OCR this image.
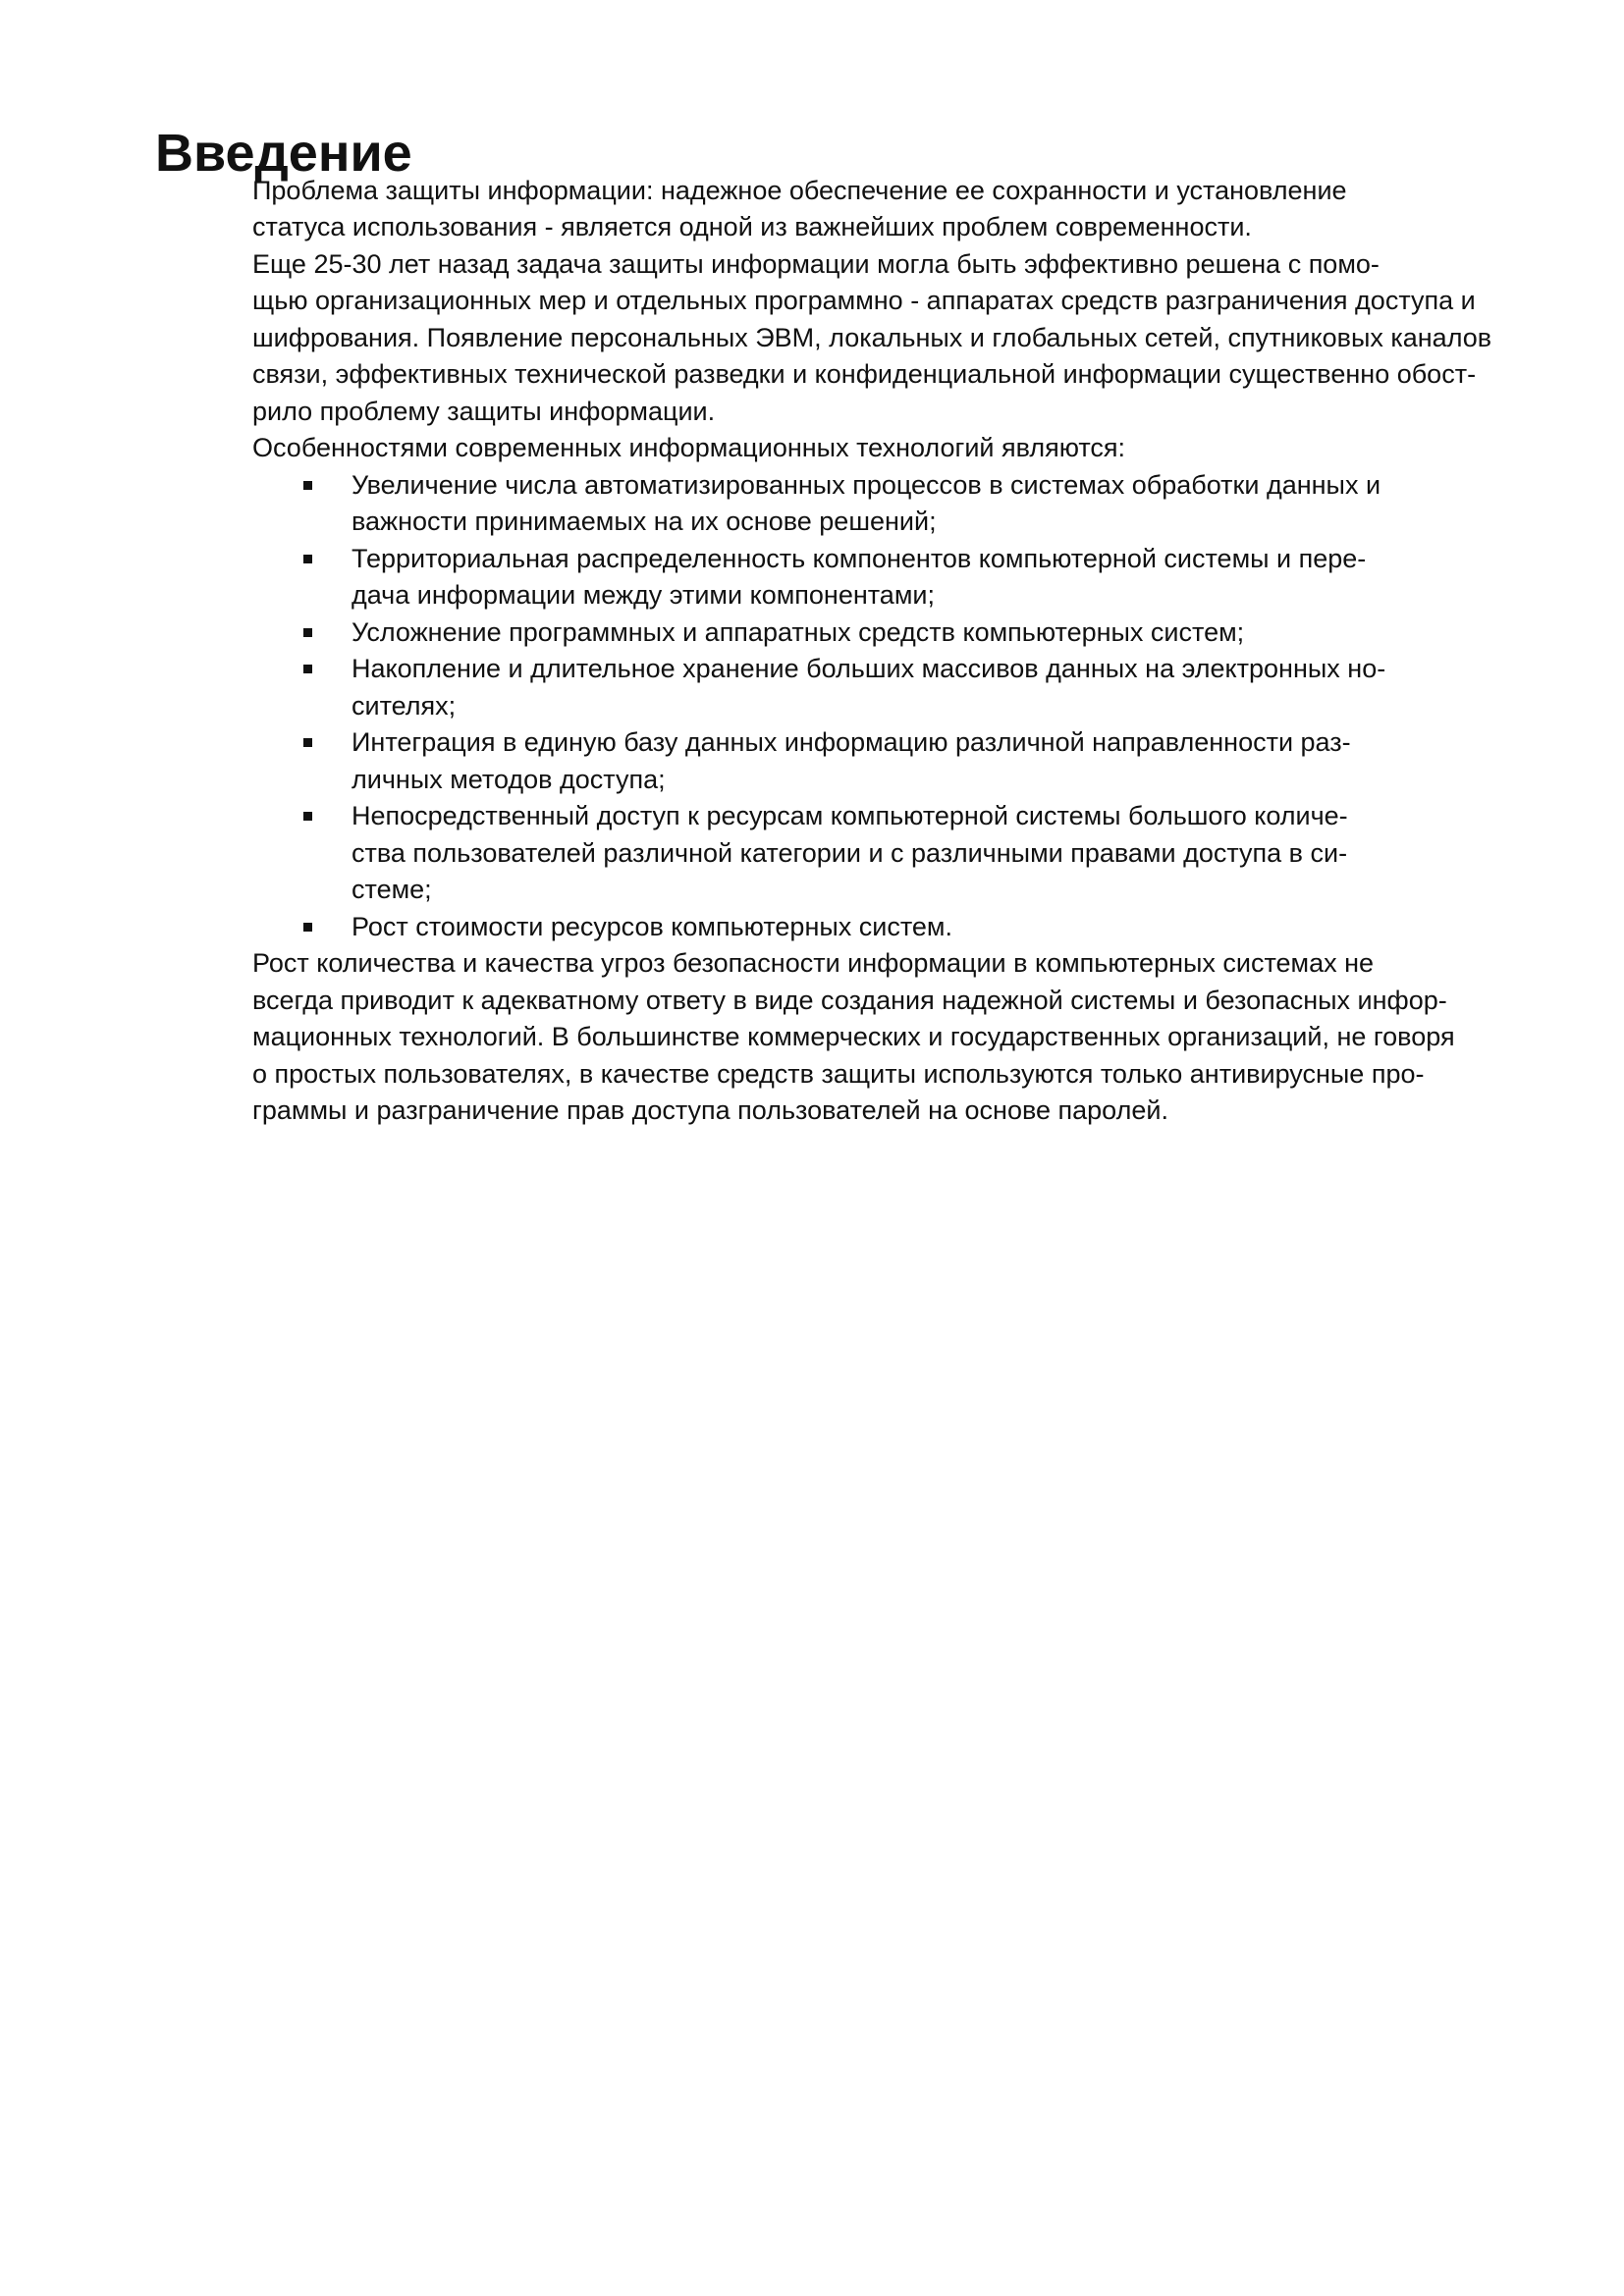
Введение

Проблема защиты информации: надежное обеспечение ее сохранности и установление
статуса использования - является одной из важнейших проблем современности.

Еще 25-30 лет назад задача защиты информации могла быть эффективно решена с помо-
щью организационных мер и отдельных программно - аппаратах средств разграничения доступа и
шифрования. Появление персональных ЭВМ, локальных и глобальных сетей, спутниковых каналов
связи, эффективных технической разведки и конфиденциальной информации существенно обост-
рило проблему защиты информации.

Особенностями современных информационных технологий являются:

Увеличение числа автоматизированных процессов в системах обработки данных и
важности принимаемых на их основе решений;
Территориальная распределенность компонентов компьютерной системы и пере-
дача информации между этими компонентами;
Усложнение программных и аппаратных средств компьютерных систем;
Накопление и длительное хранение больших массивов данных на электронных но-
сителях;
Интеграция в единую базу данных информацию различной направленности раз-
личных методов доступа;
Непосредственный доступ к ресурсам компьютерной системы большого количе-
ства пользователей различной категории и с различными правами доступа в си-
стеме;
Рост стоимости ресурсов компьютерных систем.

Рост количества и качества угроз безопасности информации в компьютерных системах не
всегда приводит к адекватному ответу в виде создания надежной системы и безопасных инфор-
мационных технологий. В большинстве коммерческих и государственных организаций, не говоря
о простых пользователях, в качестве средств защиты используются только антивирусные про-
граммы и разграничение прав доступа пользователей на основе паролей.
